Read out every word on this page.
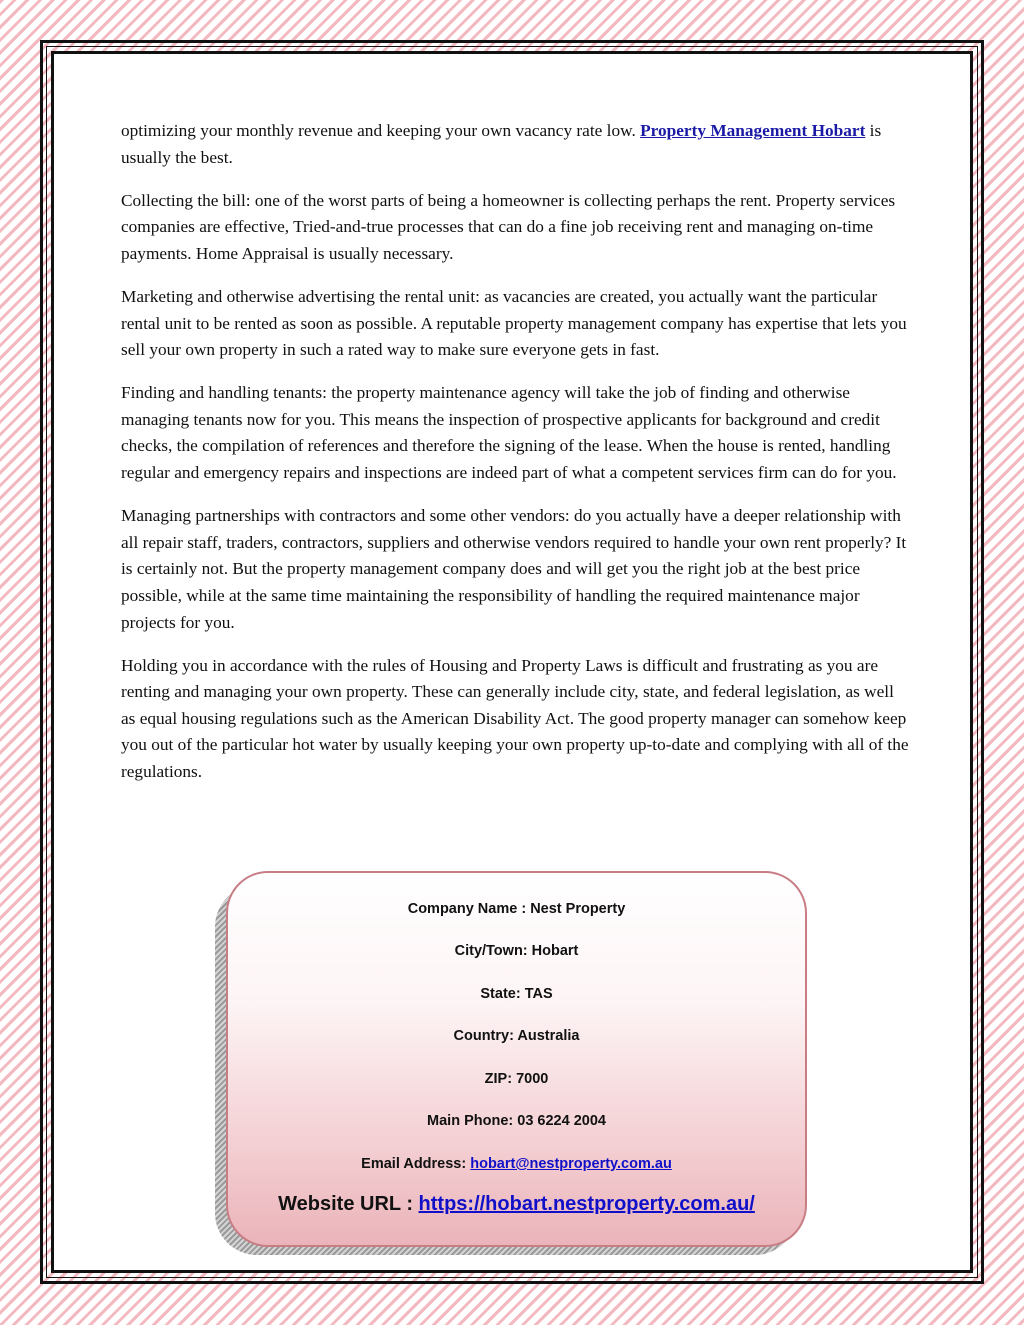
optimizing your monthly revenue and keeping your own vacancy rate low. Property Management Hobart is usually the best.

Collecting the bill: one of the worst parts of being a homeowner is collecting perhaps the rent. Property services companies are effective, Tried-and-true processes that can do a fine job receiving rent and managing on-time payments. Home Appraisal is usually necessary.

Marketing and otherwise advertising the rental unit: as vacancies are created, you actually want the particular rental unit to be rented as soon as possible. A reputable property management company has expertise that lets you sell your own property in such a rated way to make sure everyone gets in fast.

Finding and handling tenants: the property maintenance agency will take the job of finding and otherwise managing tenants now for you. This means the inspection of prospective applicants for background and credit checks, the compilation of references and therefore the signing of the lease. When the house is rented, handling regular and emergency repairs and inspections are indeed part of what a competent services firm can do for you.

Managing partnerships with contractors and some other vendors: do you actually have a deeper relationship with all repair staff, traders, contractors, suppliers and otherwise vendors required to handle your own rent properly? It is certainly not. But the property management company does and will get you the right job at the best price possible, while at the same time maintaining the responsibility of handling the required maintenance major projects for you.

Holding you in accordance with the rules of Housing and Property Laws is difficult and frustrating as you are renting and managing your own property. These can generally include city, state, and federal legislation, as well as equal housing regulations such as the American Disability Act. The good property manager can somehow keep you out of the particular hot water by usually keeping your own property up-to-date and complying with all of the regulations.

Company Name : Nest Property
City/Town: Hobart
State: TAS
Country: Australia
ZIP: 7000
Main Phone: 03 6224 2004
Email Address: hobart@nestproperty.com.au
Website URL : https://hobart.nestproperty.com.au/
